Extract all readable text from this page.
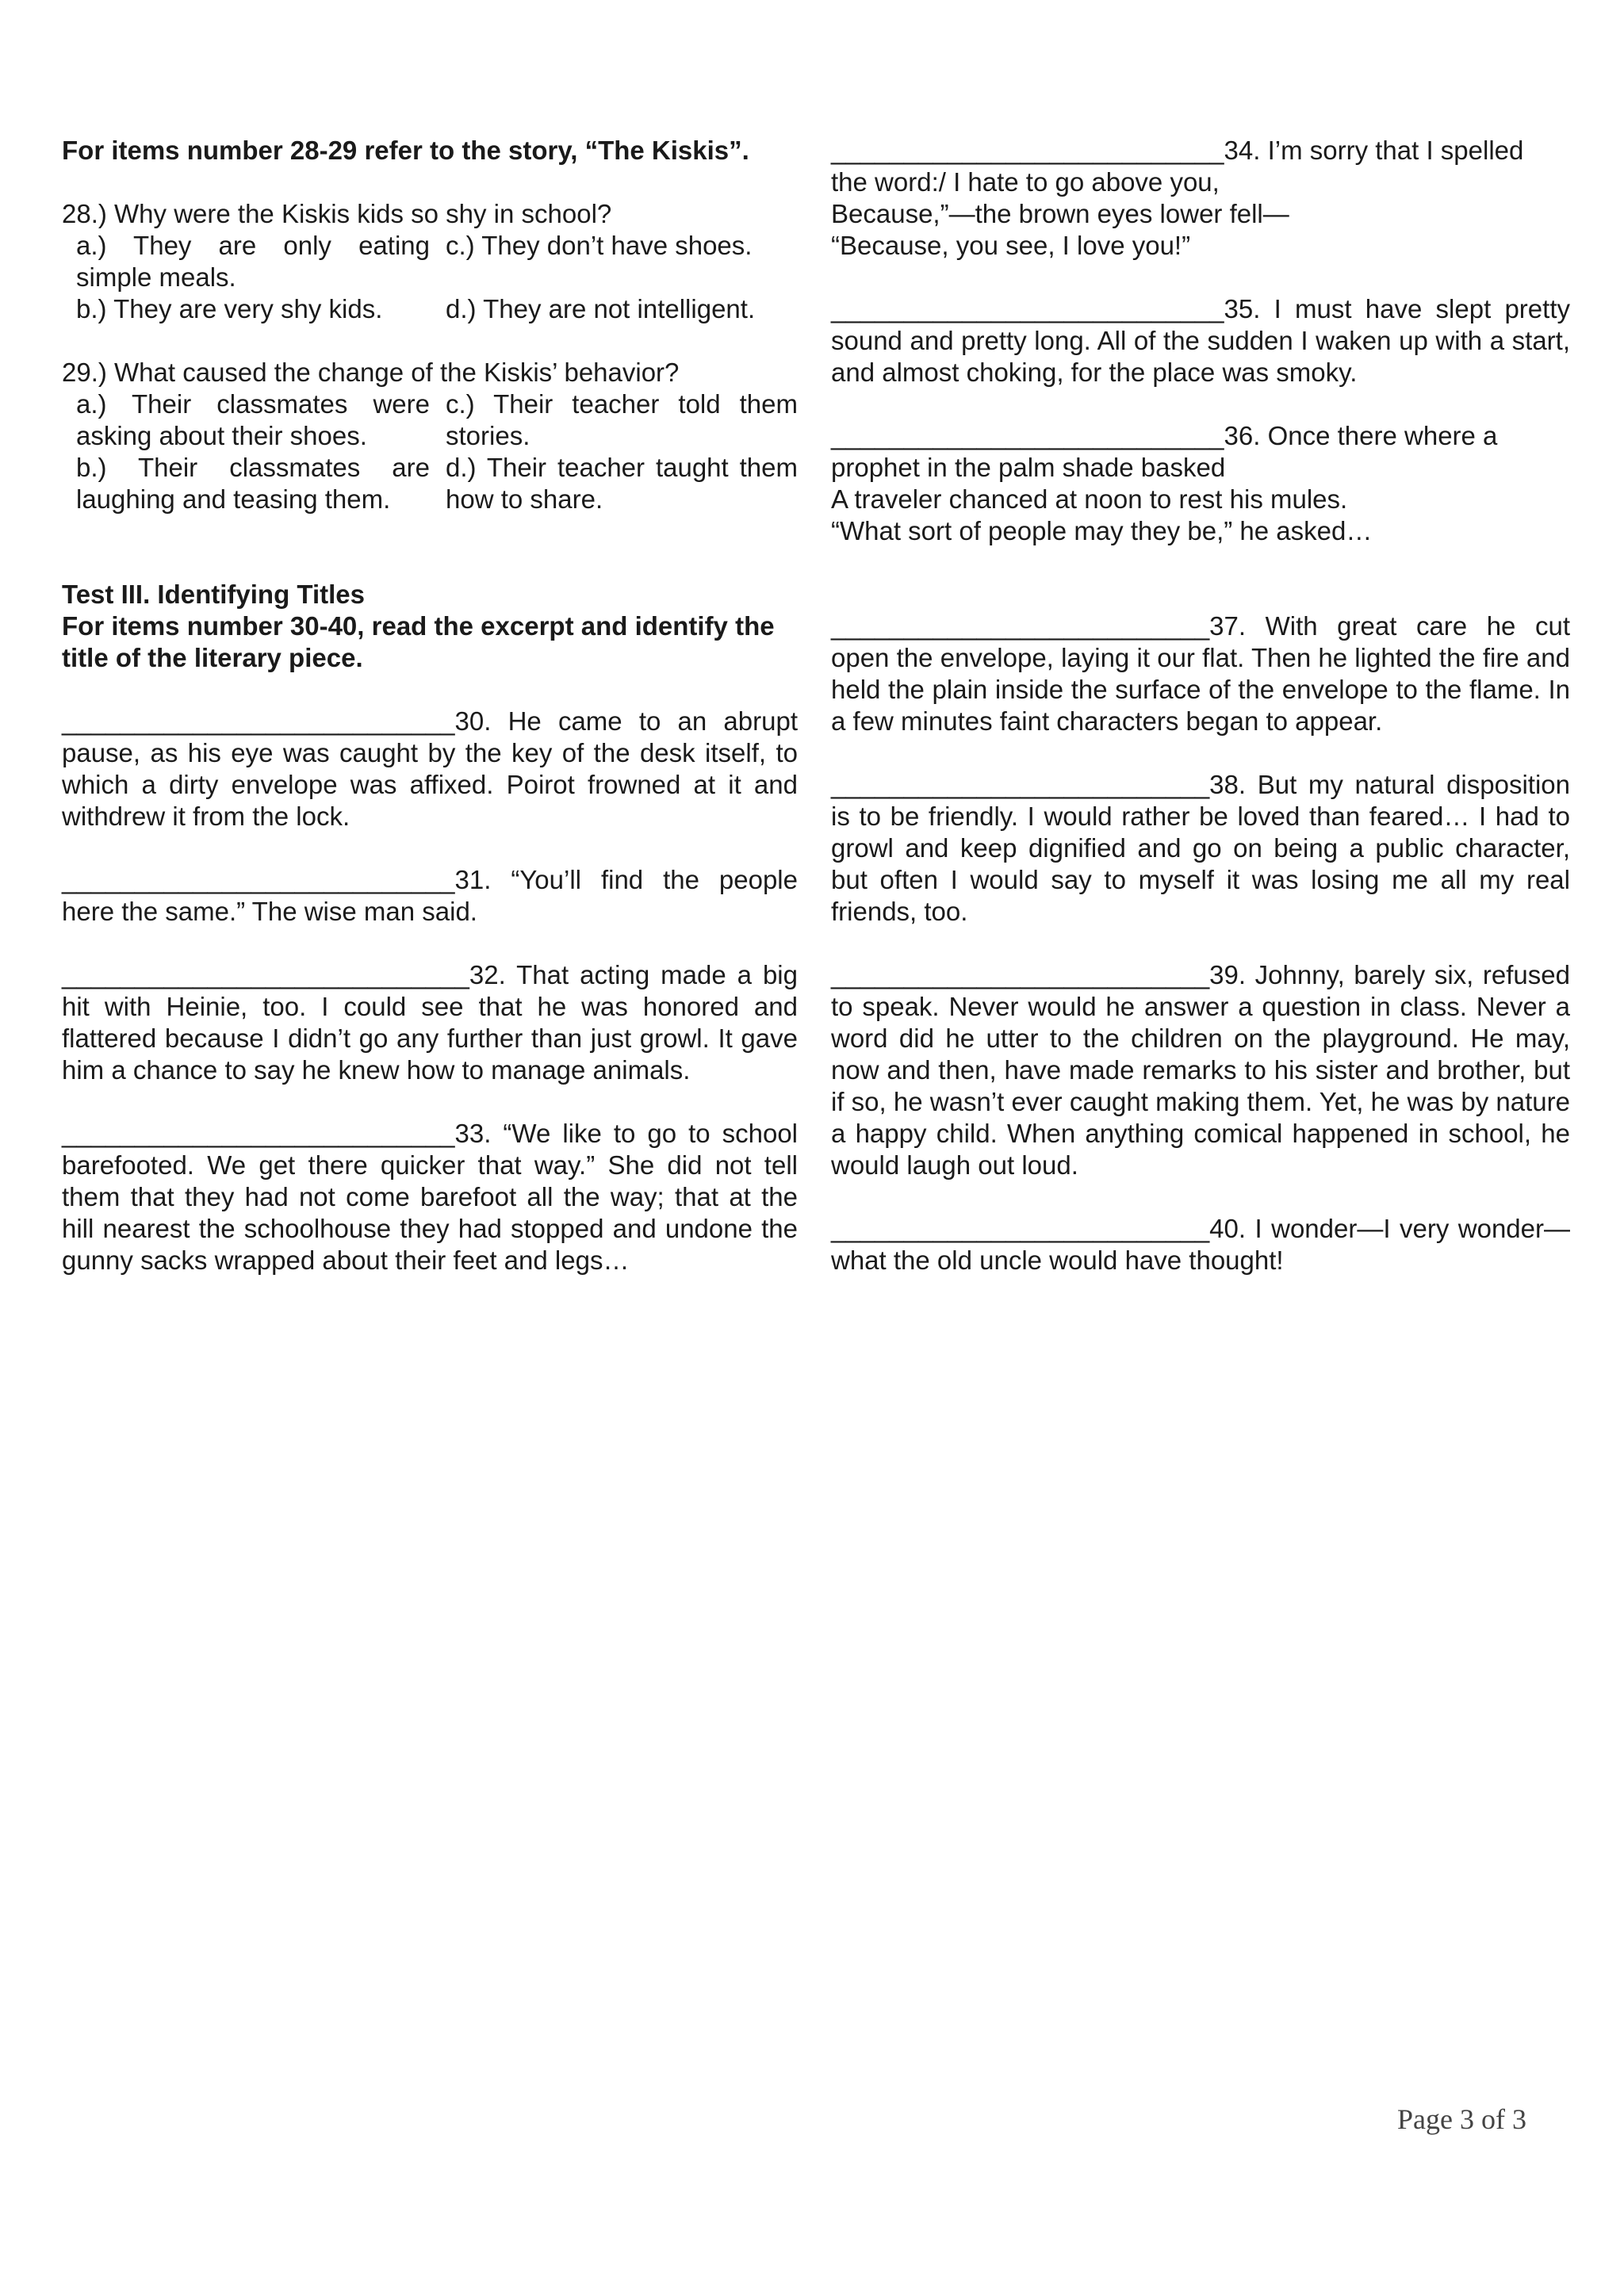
For items number 28-29 refer to the story, “The Kiskis”.
28.) Why were the Kiskis kids so shy in school?
a.) They are only eating simple meals.
c.) They don’t have shoes.
b.) They are very shy kids.	d.) They are not intelligent.
29.) What caused the change of the Kiskis’ behavior?
a.) Their classmates were asking about their shoes.
c.) Their teacher told them stories.
b.) Their classmates are laughing and teasing them.
d.) Their teacher taught them how to share.
Test III. Identifying Titles
For items number 30-40, read the excerpt and identify the title of the literary piece.
___________________________30. He came to an abrupt pause, as his eye was caught by the key of the desk itself, to which a dirty envelope was affixed. Poirot frowned at it and withdrew it from the lock.
___________________________31. “You’ll find the people here the same.” The wise man said.
____________________________32. That acting made a big hit with Heinie, too. I could see that he was honored and flattered because I didn’t go any further than just growl. It gave him a chance to say he knew how to manage animals.
___________________________33. “We like to go to school barefooted. We get there quicker that way.” She did not tell them that they had not come barefoot all the way; that at the hill nearest the schoolhouse they had stopped and undone the gunny sacks wrapped about their feet and legs…
___________________________34. I’m sorry that I spelled
the word:/ I hate to go above you,
Because,”—the brown eyes lower fell—
“Because, you see, I love you!”
___________________________35. I must have slept pretty sound and pretty long. All of the sudden I waken up with a start, and almost choking, for the place was smoky.
___________________________36. Once there where a
prophet in the palm shade basked
A traveler chanced at noon to rest his mules.
“What sort of people may they be,” he asked…
__________________________37. With great care he cut open the envelope, laying it our flat. Then he lighted the fire and held the plain inside the surface of the envelope to the flame. In a few minutes faint characters began to appear.
__________________________38. But my natural disposition is to be friendly. I would rather be loved than feared… I had to growl and keep dignified and go on being a public character, but often I would say to myself it was losing me all my real friends, too.
__________________________39. Johnny, barely six, refused to speak. Never would he answer a question in class. Never a word did he utter to the children on the playground. He may, now and then, have made remarks to his sister and brother, but if so, he wasn’t ever caught making them. Yet, he was by nature a happy child. When anything comical happened in school, he would laugh out loud.
__________________________40. I wonder—I very wonder—what the old uncle would have thought!
Page 3 of 3
